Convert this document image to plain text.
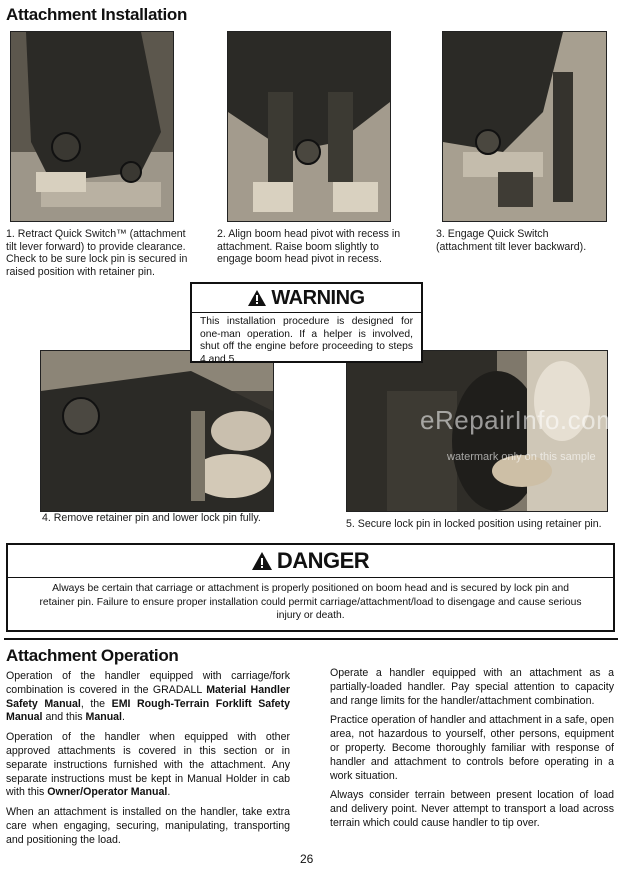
Attachment Installation
1. Retract Quick Switch™ (attachment tilt lever forward) to provide clearance. Check to be sure lock pin is secured in raised position with retainer pin.
2. Align boom head pivot with recess in attachment. Raise boom slightly to engage boom head pivot in recess.
3. Engage Quick Switch (attachment tilt lever backward).
eRepairInfo.com
watermark only on this sample
WARNING
This installation procedure is designed for one-man operation. If a helper is involved, shut off the engine before proceeding to steps 4 and 5.
4. Remove retainer pin and lower lock pin fully.	5. Secure lock pin in locked position using retainer pin.
DANGER
Always be certain that carriage or attachment is properly positioned on boom head and is secured by lock pin and retainer pin. Failure to ensure proper installation could permit carriage/attachment/load to disengage and cause serious injury or death.
Attachment Operation

Operation of the handler equipped with carriage/fork combination is covered in the GRADALL Material Handler Safety Manual, the EMI Rough-Terrain Forklift Safety Manual and this Manual.

Operation of the handler when equipped with other approved attachments is covered in this section or in separate instructions furnished with the attachment. Any separate instructions must be kept in Manual Holder in cab with this Owner/Operator Manual.

When an attachment is installed on the handler, take extra care when engaging, securing, manipulating, transporting and positioning the load.

Operate a handler equipped with an attachment as a partially-loaded handler. Pay special attention to capacity and range limits for the handler/attachment combination.

Practice operation of handler and attachment in a safe, open area, not hazardous to yourself, other persons, equipment or property. Become thoroughly familiar with response of handler and attachment to controls before operating in a work situation.

Always consider terrain between present location of load and delivery point. Never attempt to transport a load across terrain which could cause handler to tip over.

26
